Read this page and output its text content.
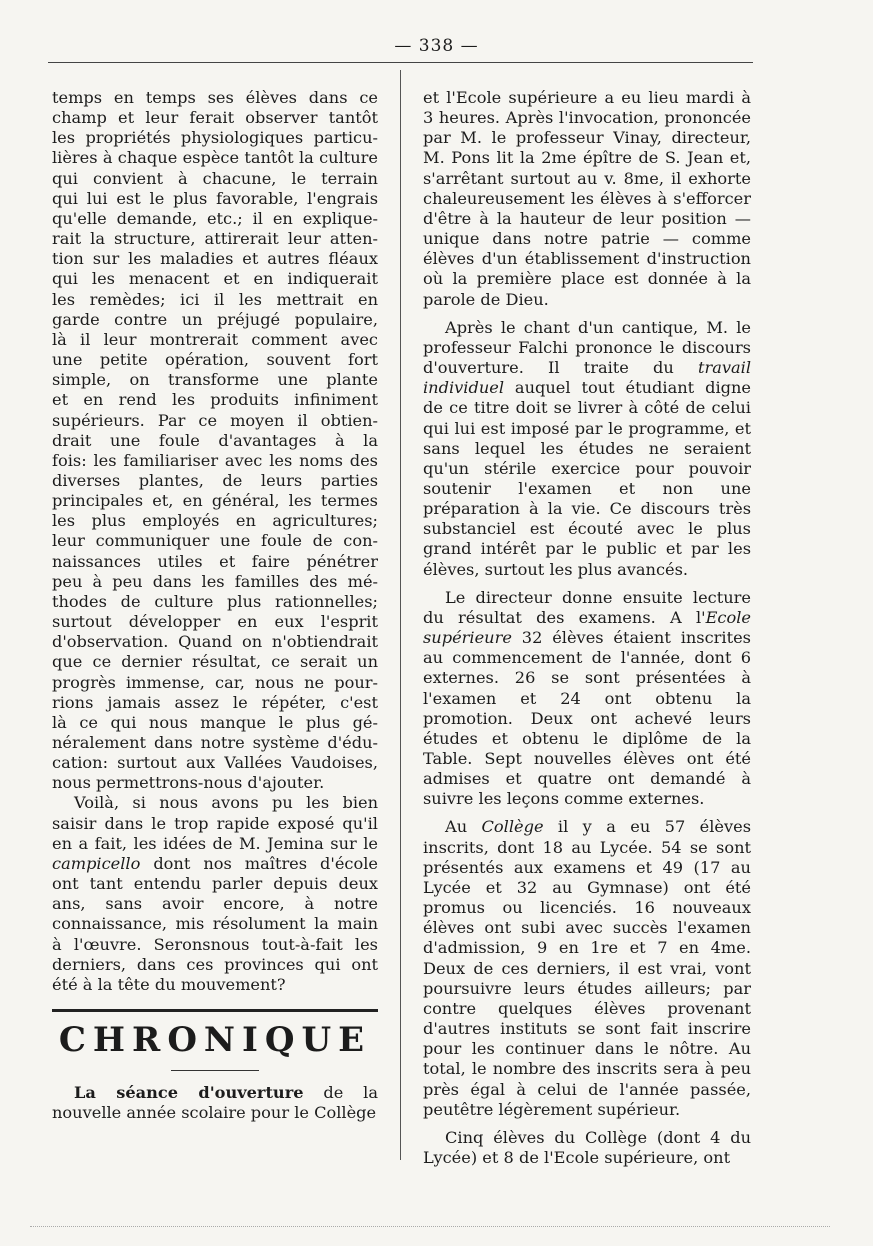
— 338 —
temps en temps ses élèves dans ce
champ et leur ferait observer tantôt
les propriétés physiologiques particu-
lières à chaque espèce tantôt la culture
qui convient à chacune, le terrain
qui lui est le plus favorable, l'engrais
qu'elle demande, etc.; il en explique-
rait la structure, attirerait leur atten-
tion sur les maladies et autres fléaux
qui les menacent et en indiquerait
les remèdes; ici il les mettrait en
garde contre un préjugé populaire,
là il leur montrerait comment avec
une petite opération, souvent fort
simple, on transforme une plante
et en rend les produits infiniment
supérieurs. Par ce moyen il obtien-
drait une foule d'avantages à la
fois: les familiariser avec les noms des
diverses plantes, de leurs parties
principales et, en général, les termes
les plus employés en agricultures;
leur communiquer une foule de con-
naissances utiles et faire pénétrer
peu à peu dans les familles des mé-
thodes de culture plus rationnelles;
surtout développer en eux l'esprit
d'observation. Quand on n'obtiendrait
que ce dernier résultat, ce serait un
progrès immense, car, nous ne pour-
rions jamais assez le répéter, c'est
là ce qui nous manque le plus gé-
néralement dans notre système d'édu-
cation: surtout aux Vallées Vaudoises,
nous permettrons-nous d'ajouter.

Voilà, si nous avons pu les bien saisir dans le trop rapide exposé qu'il en a fait, les idées de M. Jemina sur le campicello dont nos maîtres d'école ont tant entendu parler depuis deux ans, sans avoir encore, à notre connaissance, mis résolument la main à l'œuvre. Seronsnous tout-à-fait les derniers, dans ces provinces qui ont été à la tête du mouvement?

CHRONIQUE

La séance d'ouverture de la nouvelle année scolaire pour le Collège

et l'Ecole supérieure a eu lieu mardi à 3 heures. Après l'invocation, prononcée par M. le professeur Vinay, directeur, M. Pons lit la 2me épître de S. Jean et, s'arrêtant surtout au v. 8me, il exhorte chaleureusement les élèves à s'efforcer d'être à la hauteur de leur position — unique dans notre patrie — comme élèves d'un établissement d'instruction où la première place est donnée à la parole de Dieu.

Après le chant d'un cantique, M. le professeur Falchi prononce le discours d'ouverture. Il traite du travail individuel auquel tout étudiant digne de ce titre doit se livrer à côté de celui qui lui est imposé par le programme, et sans lequel les études ne seraient qu'un stérile exercice pour pouvoir soutenir l'examen et non une préparation à la vie. Ce discours très substanciel est écouté avec le plus grand intérêt par le public et par les élèves, surtout les plus avancés.

Le directeur donne ensuite lecture du résultat des examens. A l'Ecole supérieure 32 élèves étaient inscrites au commencement de l'année, dont 6 externes. 26 se sont présentées à l'examen et 24 ont obtenu la promotion. Deux ont achevé leurs études et obtenu le diplôme de la Table. Sept nouvelles élèves ont été admises et quatre ont demandé à suivre les leçons comme externes.

Au Collège il y a eu 57 élèves inscrits, dont 18 au Lycée. 54 se sont présentés aux examens et 49 (17 au Lycée et 32 au Gymnase) ont été promus ou licenciés. 16 nouveaux élèves ont subi avec succès l'examen d'admission, 9 en 1re et 7 en 4me. Deux de ces derniers, il est vrai, vont poursuivre leurs études ailleurs; par contre quelques élèves provenant d'autres instituts se sont fait inscrire pour les continuer dans le nôtre. Au total, le nombre des inscrits sera à peu près égal à celui de l'année passée, peutêtre légèrement supérieur.

Cinq élèves du Collège (dont 4 du Lycée) et 8 de l'Ecole supérieure, ont
